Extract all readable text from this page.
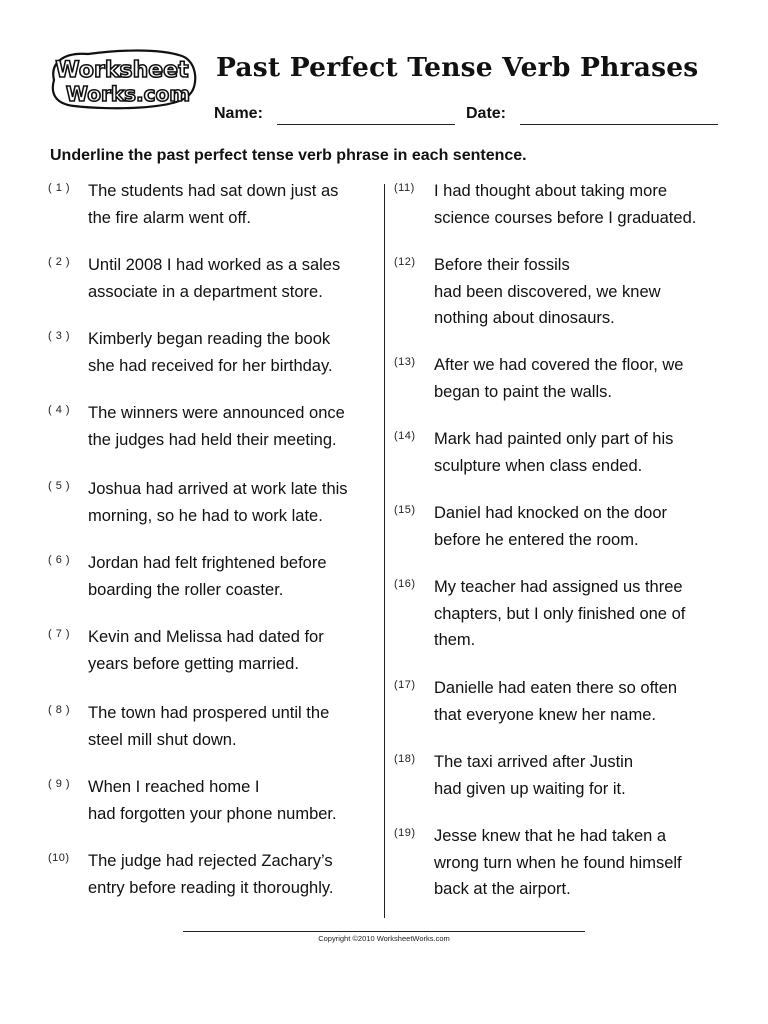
Worksheet
Works.com
Past Perfect Tense Verb Phrases
Name:	Date:
Underline the past perfect tense verb phrase in each sentence.
( 1 )	The students had sat down just as
the fire alarm went off.
( 2 )	Until 2008 I had worked as a sales
associate in a department store.
( 3 )	Kimberly began reading the book
she had received for her birthday.
( 4 )	The winners were announced once
the judges had held their meeting.
( 5 )	Joshua had arrived at work late this
morning, so he had to work late.
( 6 )	Jordan had felt frightened before
boarding the roller coaster.
( 7 )	Kevin and Melissa had dated for
years before getting married.
( 8 )	The town had prospered until the
steel mill shut down.
( 9 )	When I reached home I
had forgotten your phone number.
(10)	The judge had rejected Zachary’s
entry before reading it thoroughly.
(11)	I had thought about taking more
science courses before I graduated.
(12)	Before their fossils
had been discovered, we knew
nothing about dinosaurs.
(13)	After we had covered the floor, we
began to paint the walls.
(14)	Mark had painted only part of his
sculpture when class ended.
(15)	Daniel had knocked on the door
before he entered the room.
(16)	My teacher had assigned us three
chapters, but I only finished one of
them.
(17)	Danielle had eaten there so often
that everyone knew her name.
(18)	The taxi arrived after Justin
had given up waiting for it.
(19)	Jesse knew that he had taken a
wrong turn when he found himself
back at the airport.
Copyright ©2010 WorksheetWorks.com
